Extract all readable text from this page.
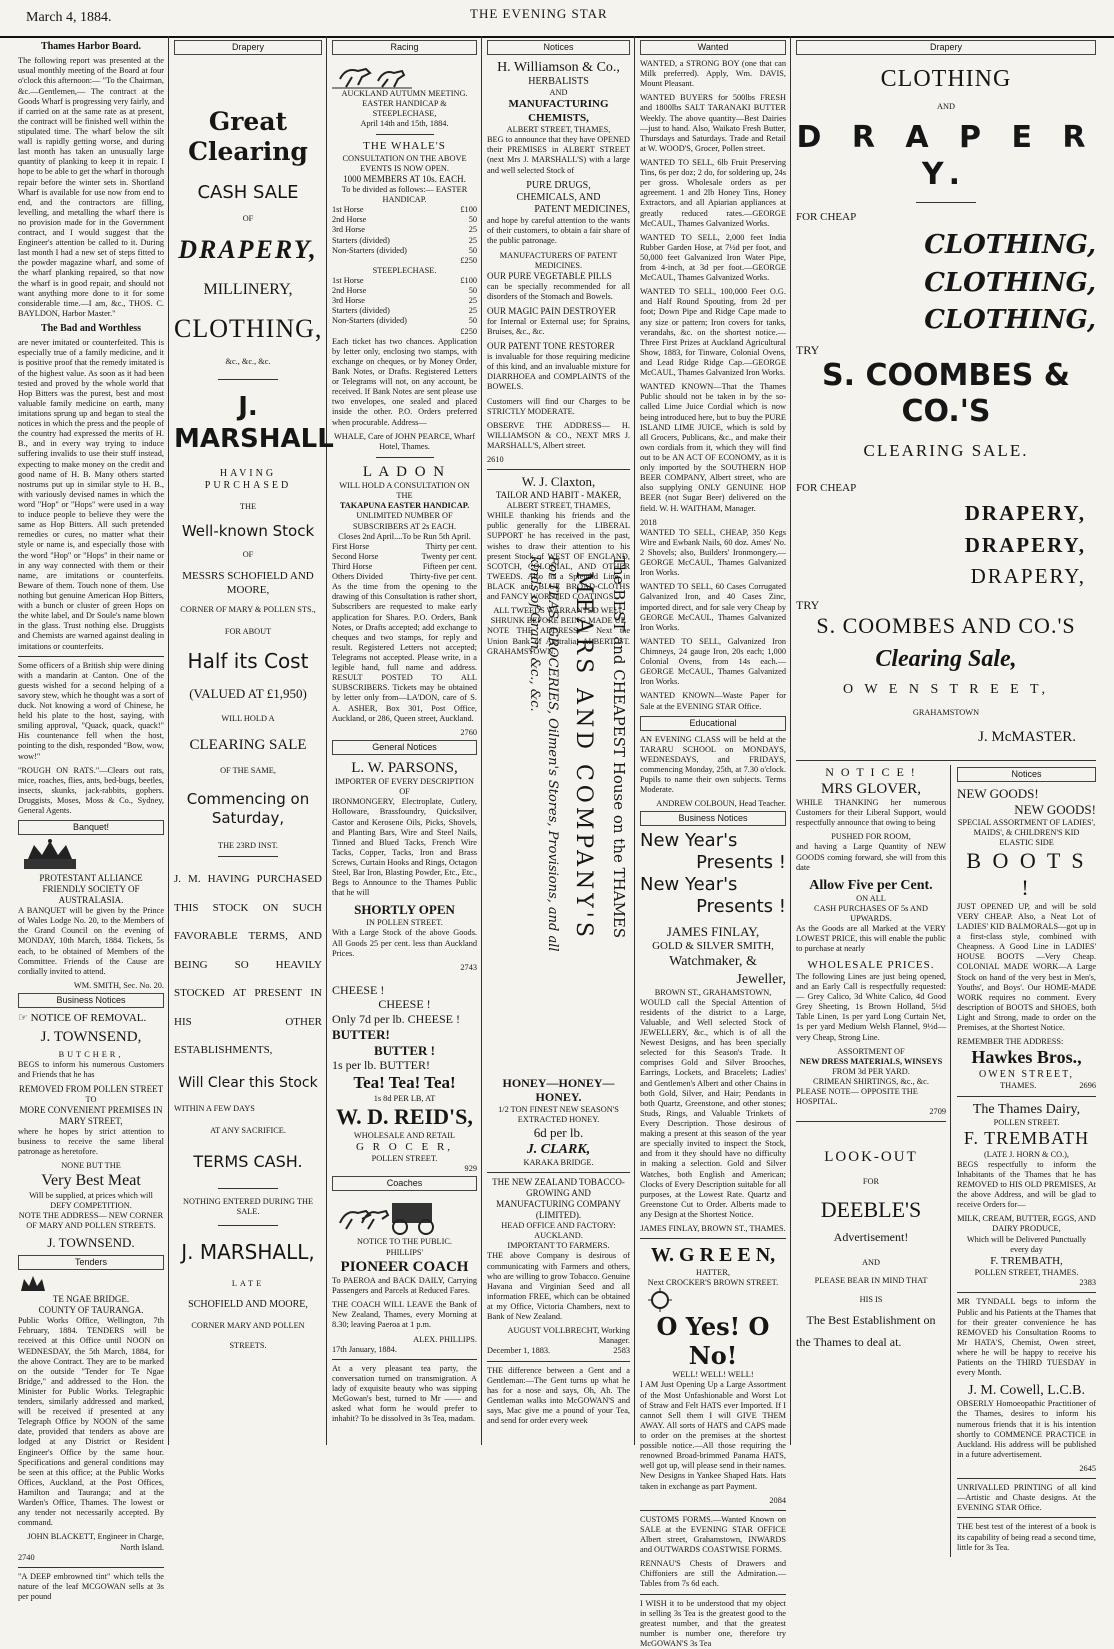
March 4, 1884.	THE EVENING STAR
Thames Harbor Board.

The following report was presented at the usual monthly meeting of the Board at four o'clock this afternoon:— "To the Chairman, &c.—Gentlemen,— The contract at the Goods Wharf is progressing very fairly, and if carried on at the same rate as at present, the contract will be finished well within the stipulated time. The wharf below the silt wall is rapidly getting worse, and during last month has taken an unusually large quantity of planking to keep it in repair. I hope to be able to get the wharf in thorough repair before the winter sets in. Shortland Wharf is available for use now from end to end, and the contractors are filling, levelling, and metalling the wharf there is no provision made for in the Government contract, and I would suggest that the Engineer's attention be called to it. During last month I had a new set of steps fitted to the powder magazine wharf, and some of the wharf planking repaired, so that now the wharf is in good repair, and should not want anything more done to it for some considerable time.—I am, &c., THOS. C. BAYLDON, Harbor Master."

The Bad and Worthless

are never imitated or counterfeited. This is especially true of a family medicine, and it is positive proof that the remedy imitated is of the highest value. As soon as it had been tested and proved by the whole world that Hop Bitters was the purest, best and most valuable family medicine on earth, many imitations sprung up and began to steal the notices in which the press and the people of the country had expressed the merits of H. B., and in every way trying to induce suffering invalids to use their stuff instead, expecting to make money on the credit and good name of H. B. Many others started nostrums put up in similar style to H. B., with variously devised names in which the word "Hop" or "Hops" were used in a way to induce people to believe they were the same as Hop Bitters. All such pretended remedies or cures, no matter what their style or name is, and especially those with the word "Hop" or "Hops" in their name or in any way connected with them or their name, are imitations or counterfeits. Beware of them. Touch none of them. Use nothing but genuine American Hop Bitters, with a bunch or cluster of green Hops on the white label, and Dr Soule's name blown in the glass. Trust nothing else. Druggists and Chemists are warned against dealing in imitations or counterfeits.

Some officers of a British ship were dining with a mandarin at Canton. One of the guests wished for a second helping of a savory stew, which he thought was a sort of duck. Not knowing a word of Chinese, he held his plate to the host, saying, with smiling approval, "Quack, quack, quack!" His countenance fell when the host, pointing to the dish, responded "Bow, wow, wow!"

"ROUGH ON RATS."—Clears out rats, mice, roaches, flies, ants, bed-bugs, beetles, insects, skunks, jack-rabbits, gophers. Druggists, Moses, Moss & Co., Sydney, General Agents.

Banquet!
PROTESTANT ALLIANCE FRIENDLY SOCIETY OF AUSTRALASIA.

A BANQUET will be given by the Prince of Wales Lodge No. 20, to the Members of the Grand Council on the evening of MONDAY, 10th March, 1884. Tickets, 5s each, to be obtained of Members of the Committee. Friends of the Cause are cordially invited to attend.

WM. SMITH, Sec. No. 20.
Business Notices
☞ NOTICE OF REMOVAL.
J. TOWNSEND,
BUTCHER,

BEGS to inform his numerous Customers and Friends that he has

REMOVED FROM POLLEN STREET
TO
MORE CONVENIENT PREMISES IN MARY STREET,

where he hopes by strict attention to business to receive the same liberal patronage as heretofore.

NONE BUT THE
Very Best Meat
Will be supplied, at prices which will DEFY COMPETITION.
NOTE THE ADDRESS— NEW CORNER OF MARY AND POLLEN STREETS.
J. TOWNSEND.
Tenders
TE NGAE BRIDGE.
COUNTY OF TAURANGA.

Public Works Office, Wellington, 7th February, 1884. TENDERS will be received at this Office until NOON on WEDNESDAY, the 5th March, 1884, for the above Contract. They are to be marked on the outside "Tender for Te Ngae Bridge," and addressed to the Hon. the Minister for Public Works. Telegraphic tenders, similarly addressed and marked, will be received if presented at any Telegraph Office by NOON of the same date, provided that tenders as above are lodged at any District or Resident Engineer's Office by the same hour. Specifications and general conditions may be seen at this office; at the Public Works Offices, Auckland, at the Post Offices, Hamilton and Tauranga; and at the Warden's Office, Thames. The lowest or any tender not necessarily accepted. By command.

JOHN BLACKETT, Engineer in Charge, North Island.
2740

"A DEEP embrowned tint" which tells the nature of the leaf MCGOWAN sells at 3s per pound

Drapery
Great Clearing
CASH SALE
OF
DRAPERY,
MILLINERY,
CLOTHING,
&c., &c., &c.
J. MARSHALL
HAVING PURCHASED
THE
Well-known Stock
OF
MESSRS SCHOFIELD AND MOORE,
CORNER OF MARY & POLLEN STS.,
FOR ABOUT
Half its Cost
(VALUED AT £1,950)
WILL HOLD A
CLEARING SALE
OF THE SAME,
Commencing on Saturday,
THE 23RD INST.
J. M. HAVING PURCHASED THIS STOCK ON SUCH FAVORABLE TERMS, AND BEING SO HEAVILY STOCKED AT PRESENT IN HIS OTHER ESTABLISHMENTS,
Will Clear this Stock
WITHIN A FEW DAYS
AT ANY SACRIFICE.
TERMS CASH.
NOTHING ENTERED DURING THE SALE.
J. MARSHALL,
LATE
SCHOFIELD AND MOORE,
CORNER MARY AND POLLEN
STREETS.
Racing
AUCKLAND AUTUMN MEETING.
EASTER HANDICAP & STEEPLECHASE,
April 14th and 15th, 1884.
THE WHALE'S
CONSULTATION ON THE ABOVE EVENTS IS NOW OPEN.
1000 MEMBERS AT 10s. EACH.
To be divided as follows:— EASTER HANDICAP.
1st Horse	£100
2nd Horse	50
3rd Horse	25
Starters (divided)	25
Non-Starters (divided)	50
£250
STEEPLECHASE.
1st Horse	£100
2nd Horse	50
3rd Horse	25
Starters (divided)	25
Non-Starters (divided)	50
£250

Each ticket has two chances. Application by letter only, enclosing two stamps, with exchange on cheques, or by Money Order, Bank Notes, or Drafts. Registered Letters or Telegrams will not, on any account, be received. If Bank Notes are sent please use two envelopes, one sealed and placed inside the other. P.O. Orders preferred when procurable. Address—

WHALE, Care of JOHN PEARCE, Wharf Hotel, Thames.
L A D O N
WILL HOLD A CONSULTATION ON THE
TAKAPUNA EASTER HANDICAP.
UNLIMITED NUMBER OF SUBSCRIBERS AT 2s EACH.
Closes 2nd April....To be Run 5th April.
First Horse	Thirty per cent.
Second Horse	Twenty per cent.
Third Horse	Fifteen per cent.
Others Divided	Thirty-five per cent.

As the time from the opening to the drawing of this Consultation is rather short, Subscribers are requested to make early application for Shares. P.O. Orders, Bank Notes, or Drafts accepted; add exchange to cheques and two stamps, for reply and result. Registered Letters not accepted; Telegrams not accepted. Please write, in a legible hand, full name and address. RESULT POSTED TO ALL SUBSCRIBERS. Tickets may be obtained by letter only from—LA'DON, care of S. A. ASHER, Box 301, Post Office, Auckland, or 286, Queen street, Auckland.

2760
General Notices
L. W. PARSONS,
IMPORTER OF EVERY DESCRIPTION OF

IRONMONGERY, Electroplate, Cutlery, Holloware, Brassfoundry, Quicksilver, Castor and Kerosene Oils, Picks, Shovels, and Planting Bars, Wire and Steel Nails, Tinned and Blued Tacks, French Wire Tacks, Copper, Tacks, Iron and Brass Screws, Curtain Hooks and Rings, Octagon Steel, Bar Iron, Blasting Powder, Etc., Etc., Begs to Announce to the Thames Public that he will

SHORTLY OPEN
IN POLLEN STREET.

With a Large Stock of the above Goods. All Goods 25 per cent. less than Auckland Prices.

2743
CHEESE !
CHEESE !
Only 7d per lb. CHEESE !
BUTTER!
BUTTER !
1s per lb. BUTTER!
Tea! Tea! Tea!
1s 8d PER LB, AT
W. D. REID'S,
WHOLESALE AND RETAIL
G R O C E R,
POLLEN STREET.
929
Coaches
NOTICE TO THE PUBLIC.
PHILLIPS'
PIONEER COACH

To PAEROA and BACK DAILY, Carrying Passengers and Parcels at Reduced Fares.

THE COACH WILL LEAVE the Bank of New Zealand, Thames, every Morning at 8.30; leaving Paeroa at 1 p.m.

ALEX. PHILLIPS.
17th January, 1884.

At a very pleasant tea party, the conversation turned on transmigration. A lady of exquisite beauty who was sipping McGowan's best, turned to Mr —— and asked what form he would prefer to inhabit? To be dissolved in 3s Tea, madam.

Notices
H. Williamson & Co.,
HERBALISTS
AND
MANUFACTURING CHEMISTS,
ALBERT STREET, THAMES,

BEG to announce that they have OPENED their PREMISES in ALBERT STREET (next Mrs J. MARSHALL'S) with a large and well selected Stock of

PURE DRUGS,
CHEMICALS, AND
PATENT MEDICINES,

and hope by careful attention to the wants of their customers, to obtain a fair share of the public patronage.

MANUFACTURERS OF PATENT MEDICINES.
OUR PURE VEGETABLE PILLS

can be specially recommended for all disorders of the Stomach and Bowels.

OUR MAGIC PAIN DESTROYER

for Internal or External use; for Sprains, Bruises, &c., &c.

OUR PATENT TONE RESTORER

is invaluable for those requiring medicine of this kind, and an invaluable mixture for DIARRHOEA and COMPLAINTS of the BOWELS.

Customers will find our Charges to be STRICTLY MODERATE.

OBSERVE THE ADDRESS— H. WILLIAMSON & CO., NEXT MRS J. MARSHALL'S, Albert street.

2610
W. J. Claxton,
TAILOR AND HABIT - MAKER,
ALBERT STREET, THAMES,

WHILE thanking his friends and the public generally for the LIBERAL SUPPORT he has received in the past, wishes to draw their attention to his present Stock of WEST OF ENGLAND, SCOTCH, COLONIAL, AND OTHER TWEEDS. Also to a Splendid Line in BLACK and BLUE BROAD-CLOTHS and FANCY WORSTED COATINGS.

ALL TWEEDS WARRANTED WELL SHRUNK BEFORE BEING MADE UP.

NOTE THE ADDRESS:— Next the Union Bank of Australia, ALBERT ST. GRAHAMSTOWN.

HONEY—HONEY—HONEY.
1/2 TON FINEST NEW SEASON'S EXTRACTED HONEY.
6d per lb.
J. CLARK,
KARAKA BRIDGE.
THE NEW ZEALAND TOBACCO-GROWING AND MANUFACTURING COMPANY (LIMITED).
HEAD OFFICE AND FACTORY: AUCKLAND.
IMPORTANT TO FARMERS.

THE above Company is desirous of communicating with Farmers and others, who are willing to grow Tobacco. Genuine Havana and Virginian Seed and all information FREE, which can be obtained at my Office, Victoria Chambers, next to Bank of New Zealand.

AUGUST VOLLBRECHT, Working Manager.
December 1, 1883.	2583

THE difference between a Gent and a Gentleman:—The Gent turns up what he has for a nose and says, Oh, Ah. The Gentleman walks into McGOWAN'S and says, Mac give me a pound of your Tea, and send for order every week

The BEST and CHEAPEST House on the THAMES
MEARS AND COMPANY'S
For TEAS, GROCERIES, Oilmen's Stores, Provisions, and all kinds of Grain, &c., &c.
Wanted

WANTED, a STRONG BOY (one that can Milk preferred). Apply, Wm. DAVIS, Mount Pleasant.

WANTED BUYERS for 500lbs FRESH and 1800lbs SALT TARANAKI BUTTER Weekly. The above quantity—Best Dairies—just to hand. Also, Waikato Fresh Butter, Thursdays and Saturdays. Trade and Retail at W. WOOD'S, Grocer, Pollen street.

WANTED TO SELL, 6lb Fruit Preserving Tins, 6s per doz; 2 do, for soldering up, 24s per gross. Wholesale orders as per agreement. 1 and 2lb Honey Tins, Honey Extractors, and all Apiarian appliances at greatly reduced rates.—GEORGE McCAUL, Thames Galvanized Works.

WANTED TO SELL, 2,000 feet India Rubber Garden Hose, at 7½d per foot, and 50,000 feet Galvanized Iron Water Pipe, from 4-inch, at 3d per foot.—GEORGE McCAUL, Thames Galvanized Works.

WANTED TO SELL, 100,000 Feet O.G. and Half Round Spouting, from 2d per foot; Down Pipe and Ridge Cape made to any size or pattern; Iron covers for tanks, verandahs, &c. on the shortest notice.—Three First Prizes at Auckland Agricultural Show, 1883, for Tinware, Colonial Ovens, and Lead Ridge Ridge Cap.—GEORGE McCAUL, Thames Galvanized Iron Works.

WANTED KNOWN—That the Thames Public should not be taken in by the so-called Lime Juice Cordial which is now being introduced here, but to buy the PURE ISLAND LIME JUICE, which is sold by all Grocers, Publicans, &c., and make their own cordials from it, which they will find out to be AN ACT OF ECONOMY, as it is only imported by the SOUTHERN HOP BEER COMPANY, Albert street, who are also supplying ONLY GENUINE HOP BEER (not Sugar Beer) delivered on the field. W. H. WAITHAM, Manager.

2018

WANTED TO SELL, CHEAP, 350 Kegs Wire and Ewbank Nails, 60 doz. Ames' No. 2 Shovels; also, Builders' Ironmongery.—GEORGE McCAUL, Thames Galvanized Iron Works.

WANTED TO SELL, 60 Cases Corrugated Galvanized Iron, and 40 Cases Zinc, imported direct, and for sale very Cheap by GEORGE McCAUL, Thames Galvanized Iron Works.

WANTED TO SELL, Galvanized Iron Chimneys, 24 gauge Iron, 20s each; 1,000 Colonial Ovens, from 14s each.—GEORGE McCAUL, Thames Galvanized Iron Works.

WANTED KNOWN—Waste Paper for Sale at the EVENING STAR Office.

Educational

AN EVENING CLASS will be held at the TARARU SCHOOL on MONDAYS, WEDNESDAYS, and FRIDAYS, commencing Monday, 25th, at 7.30 o'clock. Pupils to name their own subjects. Terms Moderate.

ANDREW COLBOUN, Head Teacher.
Business Notices
New Year's
Presents !
New Year's
Presents !
JAMES FINLAY,
GOLD & SILVER SMITH,
Watchmaker, &
Jeweller,
BROWN ST., GRAHAMSTOWN,

WOULD call the Special Attention of residents of the district to a Large, Valuable, and Well selected Stock of JEWELLERY, &c., which is of all the Newest Designs, and has been specially selected for this Season's Trade. It comprises Gold and Silver Brooches, Earrings, Lockets, and Bracelets; Ladies' and Gentlemen's Albert and other Chains in both Gold, Silver, and Hair; Pendants in both Quartz, Greenstone, and other stones; Studs, Rings, and Valuable Trinkets of Every Description. Those desirous of making a present at this season of the year are specially invited to inspect the Stock, and from it they should have no difficulty in making a selection. Gold and Silver Watches, both English and American; Clocks of Every Description suitable for all purposes, at the Lowest Rate. Quartz and Greenstone Cut to Order. Alberts made to any Design at the Shortest Notice.

JAMES FINLAY, BROWN ST., THAMES.
W. G R E E N,
HATTER,
Next CROCKER'S BROWN STREET.
O Yes! O No!
WELL! WELL! WELL!

I AM Just Opening Up a Large Assortment of the Most Unfashionable and Worst Lot of Straw and Felt HATS ever Imported. If I cannot Sell them I will GIVE THEM AWAY. All sorts of HATS and CAPS made to order on the premises at the shortest possible notice.—All those requiring the renowned Broad-brimmed Panama HATS, well got up, will please send in their names. New Designs in Yankee Shaped Hats. Hats taken in exchange as part Payment.

2084

CUSTOMS FORMS.—Wanted Known on SALE at the EVENING STAR OFFICE Albert street, Grahamstown, INWARDS and OUTWARDS COASTWISE FORMS.

RENNAU'S Chests of Drawers and Chiffoniers are still the Admiration.—Tables from 7s 6d each.

I WISH it to be understood that my object in selling 3s Tea is the greatest good to the greatest number, and that the greatest number is number one, therefore try McGOWAN'S 3s Tea

Drapery
CLOTHING
AND
D R A P E R Y.
FOR CHEAP
CLOTHING,
CLOTHING,
CLOTHING,
TRY
S. COOMBES & CO.'S
CLEARING SALE.
FOR CHEAP
DRAPERY,
DRAPERY,
DRAPERY,
TRY
S. COOMBES AND CO.'S
Clearing Sale,
O W E N S T R E E T,
GRAHAMSTOWN
J. McMASTER.
N O T I C E !
MRS GLOVER,

WHILE THANKING her numerous Customers for their Liberal Support, would respectfully announce that owing to being

PUSHED FOR ROOM,

and having a Large Quantity of NEW GOODS coming forward, she will from this date

Allow Five per Cent.
ON ALL
CASH PURCHASES OF 5s AND UPWARDS.

As the Goods are all Marked at the VERY LOWEST PRICE, this will enable the public to purchase at nearly

WHOLESALE PRICES.

The following Lines are just being opened, and an Early Call is respectfully requested:— Grey Calico, 3d White Calico, 4d Good Grey Sheeting, 1s Brown Holland, 5½d Table Linen, 1s per yard Long Curtain Net, 1s per yard Medium Welsh Flannel, 9½d—very Cheap, Strong Line.

ASSORTMENT OF
NEW DRESS MATERIALS, WINSEYS
FROM 3d PER YARD.
CRIMEAN SHIRTINGS, &c., &c.
PLEASE NOTE— OPPOSITE THE HOSPITAL.
2709
LOOK-OUT
FOR
DEEBLE'S
Advertisement!
AND
PLEASE BEAR IN MIND THAT
HIS IS
The Best Establishment on
the Thames to deal at.
Notices
NEW GOODS!
NEW GOODS!
SPECIAL ASSORTMENT OF LADIES', MAIDS', & CHILDREN'S KID ELASTIC SIDE
B O O T S !

JUST OPENED UP, and will be sold VERY CHEAP. Also, a Neat Lot of LADIES' KID BALMORALS—got up in a first-class style, combined with Cheapness. A Good Line in LADIES' HOUSE BOOTS —Very Cheap. COLONIAL MADE WORK—A Large Stock on hand of the very best in Men's, Youths', and Boys'. Our HOME-MADE WORK requires no comment. Every description of BOOTS and SHOES, both Light and Strong, made to order on the Premises, at the Shortest Notice.

REMEMBER THE ADDRESS:
Hawkes Bros.,
OWEN STREET,
THAMES.	2696
The Thames Dairy,
POLLEN STREET.
F. TREMBATH
(LATE J. HORN & CO.),

BEGS respectfully to inform the Inhabitants of the Thames that he has REMOVED to HIS OLD PREMISES, At the above Address, and will be glad to receive Orders for—

MILK, CREAM, BUTTER, EGGS, AND DAIRY PRODUCE,
Which will be Delivered Punctually every day
F. TREMBATH,
POLLEN STREET, THAMES.
2383

MR TYNDALL begs to inform the Public and his Patients at the Thames that for their greater convenience he has REMOVED his Consultation Rooms to Mr HATA'S, Chemist, Owen street, where he will be happy to receive his Patients on the THIRD TUESDAY in every Month.

J. M. Cowell, L.C.B.

OBSERLY Homoeopathic Practitioner of the Thames, desires to inform his numerous friends that it is his intention shortly to COMMENCE PRACTICE in Auckland. His address will be published in a future advertisement.

2645

UNRIVALLED PRINTING of all kind —Artistic and Chaste designs. At the EVENING STAR Office.

THE best test of the interest of a book is its capability of being read a second time, little for 3s Tea.
